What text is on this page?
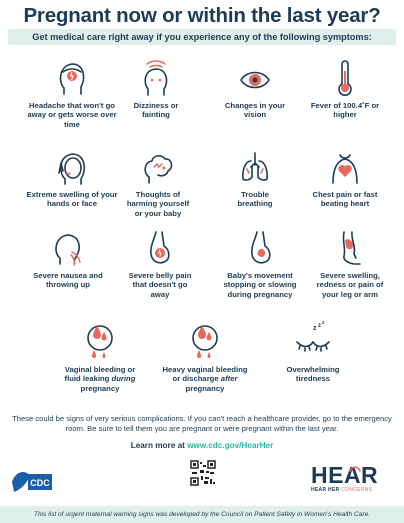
Pregnant now or within the last year?
Get medical care right away if you experience any of the following symptoms:
Headache that won't go away or gets worse over time
Dizziness or fainting
Changes in your vision
Fever of 100.4˚F or higher
Extreme swelling of your hands or face
Thoughts of harming yourself or your baby
Trouble breathing
Chest pain or fast beating heart
Severe nausea and throwing up
Severe belly pain that doesn't go away
Baby's movement stopping or slowing during pregnancy
Severe swelling, redness or pain of your leg or arm
Vaginal bleeding or fluid leaking during pregnancy
Heavy vaginal bleeding or discharge after pregnancy
z z z
Overwhelming tiredness
These could be signs of very serious complications. If you can't reach a healthcare provider, go to the emergency room. Be sure to tell them you are pregnant or were pregnant within the last year.
Learn more at www.cdc.gov/HearHer
CDC	HEAR
HEAR HER CONCERNS
This list of urgent maternal warning signs was developed by the Council on Patient Safety in Women's Health Care.
